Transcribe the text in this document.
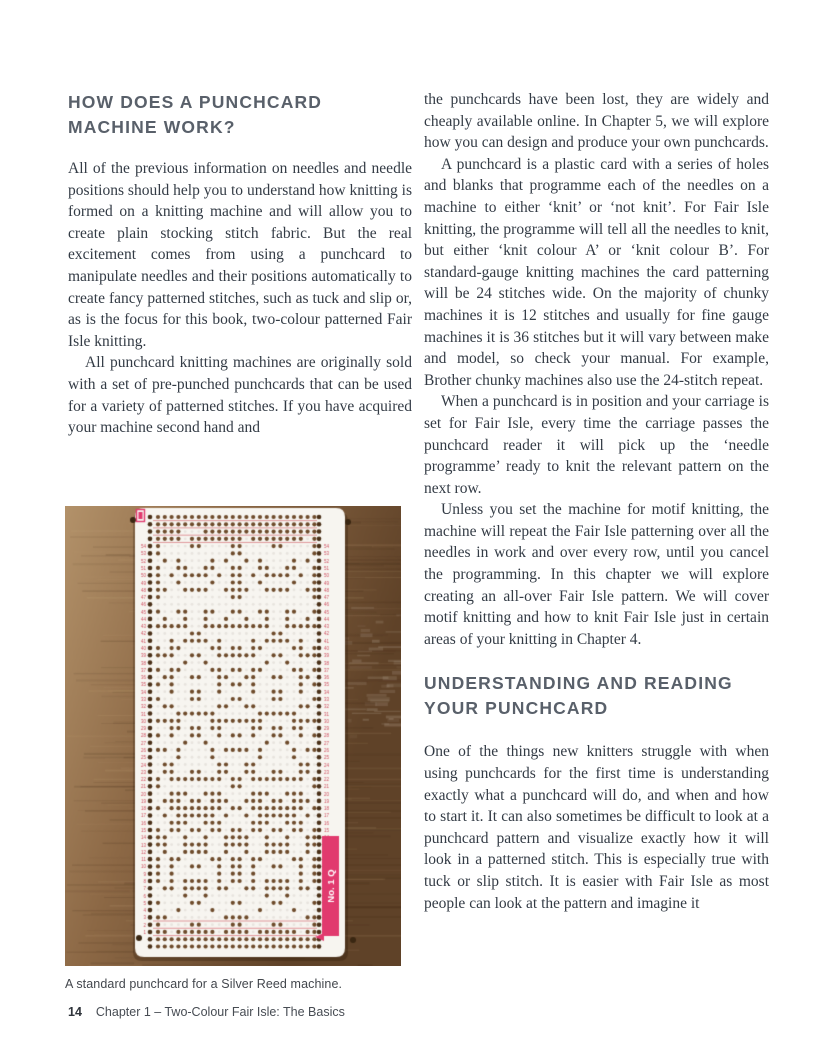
HOW DOES A PUNCHCARD MACHINE WORK?

All of the previous information on needles and needle positions should help you to understand how knitting is formed on a knitting machine and will allow you to create plain stocking stitch fabric. But the real excitement comes from using a punchcard to manipulate needles and their positions automatically to create fancy patterned stitches, such as tuck and slip or, as is the focus for this book, two-colour patterned Fair Isle knitting.

All punchcard knitting machines are originally sold with a set of pre-punched punchcards that can be used for a variety of patterned stitches. If you have acquired your machine second hand and

A standard punchcard for a Silver Reed machine.

the punchcards have been lost, they are widely and cheaply available online. In Chapter 5, we will explore how you can design and produce your own punchcards.

A punchcard is a plastic card with a series of holes and blanks that programme each of the needles on a machine to either ‘knit’ or ‘not knit’. For Fair Isle knitting, the programme will tell all the needles to knit, but either ‘knit colour A’ or ‘knit colour B’. For standard-gauge knitting machines the card patterning will be 24 stitches wide. On the majority of chunky machines it is 12 stitches and usually for fine gauge machines it is 36 stitches but it will vary between make and model, so check your manual. For example, Brother chunky machines also use the 24-stitch repeat.

When a punchcard is in position and your carriage is set for Fair Isle, every time the carriage passes the punchcard reader it will pick up the ‘needle programme’ ready to knit the relevant pattern on the next row.

Unless you set the machine for motif knitting, the machine will repeat the Fair Isle patterning over all the needles in work and over every row, until you cancel the programming. In this chapter we will explore creating an all-over Fair Isle pattern. We will cover motif knitting and how to knit Fair Isle just in certain areas of your knitting in Chapter 4.

UNDERSTANDING AND READING YOUR PUNCHCARD

One of the things new knitters struggle with when using punchcards for the first time is understanding exactly what a punchcard will do, and when and how to start it. It can also sometimes be difficult to look at a punchcard pattern and visualize exactly how it will look in a patterned stitch. This is especially true with tuck or slip stitch. It is easier with Fair Isle as most people can look at the pattern and imagine it

14 Chapter 1 – Two-Colour Fair Isle: The Basics
